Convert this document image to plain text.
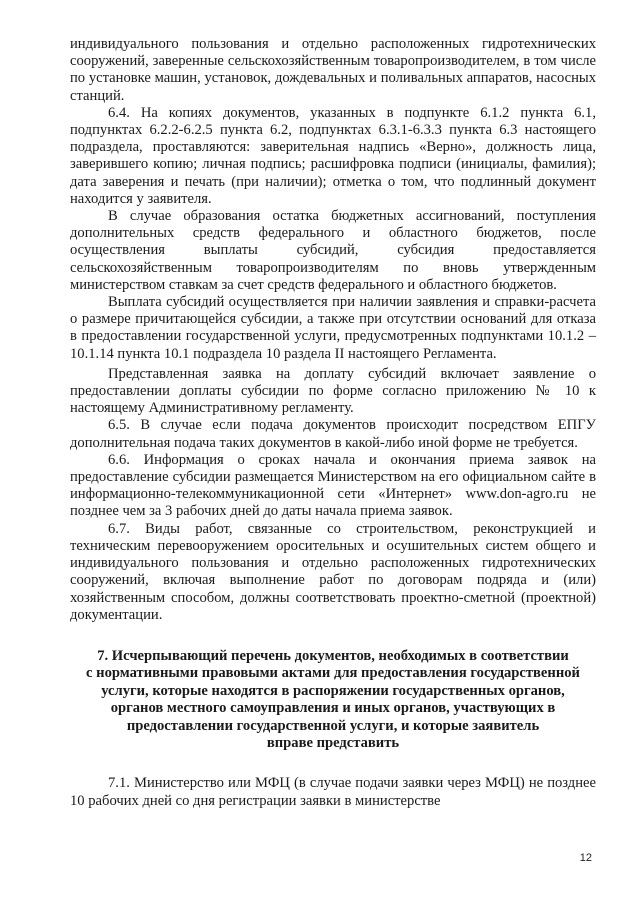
индивидуального пользования и отдельно расположенных гидротехнических сооружений, заверенные сельскохозяйственным товаропроизводителем, в том числе по установке машин, установок, дождевальных и поливальных аппаратов, насосных станций.

6.4. На копиях документов, указанных в подпункте 6.1.2 пункта 6.1, подпунктах 6.2.2-6.2.5 пункта 6.2, подпунктах 6.3.1-6.3.3 пункта 6.3 настоящего подраздела, проставляются: заверительная надпись «Верно», должность лица, заверившего копию; личная подпись; расшифровка подписи (инициалы, фамилия); дата заверения и печать (при наличии); отметка о том, что подлинный документ находится у заявителя.

В случае образования остатка бюджетных ассигнований, поступления дополнительных средств федерального и областного бюджетов, после осуществления выплаты субсидий, субсидия предоставляется сельскохозяйственным товаропроизводителям по вновь утвержденным министерством ставкам за счет средств федерального и областного бюджетов.

Выплата субсидий осуществляется при наличии заявления и справки-расчета о размере причитающейся субсидии, а также при отсутствии оснований для отказа в предоставлении государственной услуги, предусмотренных подпунктами 10.1.2 – 10.1.14 пункта 10.1 подраздела 10 раздела II настоящего Регламента.

Представленная заявка на доплату субсидий включает заявление о предоставлении доплаты субсидии по форме согласно приложению № 10 к настоящему Административному регламенту.

6.5. В случае если подача документов происходит посредством ЕПГУ дополнительная подача таких документов в какой-либо иной форме не требуется.

6.6. Информация о сроках начала и окончания приема заявок на предоставление субсидии размещается Министерством на его официальном сайте в информационно-телекоммуникационной сети «Интернет» www.don-agro.ru не позднее чем за 3 рабочих дней до даты начала приема заявок.

6.7. Виды работ, связанные со строительством, реконструкцией и техническим перевооружением оросительных и осушительных систем общего и индивидуального пользования и отдельно расположенных гидротехнических сооружений, включая выполнение работ по договорам подряда и (или) хозяйственным способом, должны соответствовать проектно-сметной (проектной) документации.

7. Исчерпывающий перечень документов, необходимых в соответствии
с нормативными правовыми актами для предоставления государственной
услуги, которые находятся в распоряжении государственных органов,
органов местного самоуправления и иных органов, участвующих в
предоставлении государственной услуги, и которые заявитель
вправе представить

7.1. Министерство или МФЦ (в случае подачи заявки через МФЦ) не позднее 10 рабочих дней со дня регистрации заявки в министерстве

12
